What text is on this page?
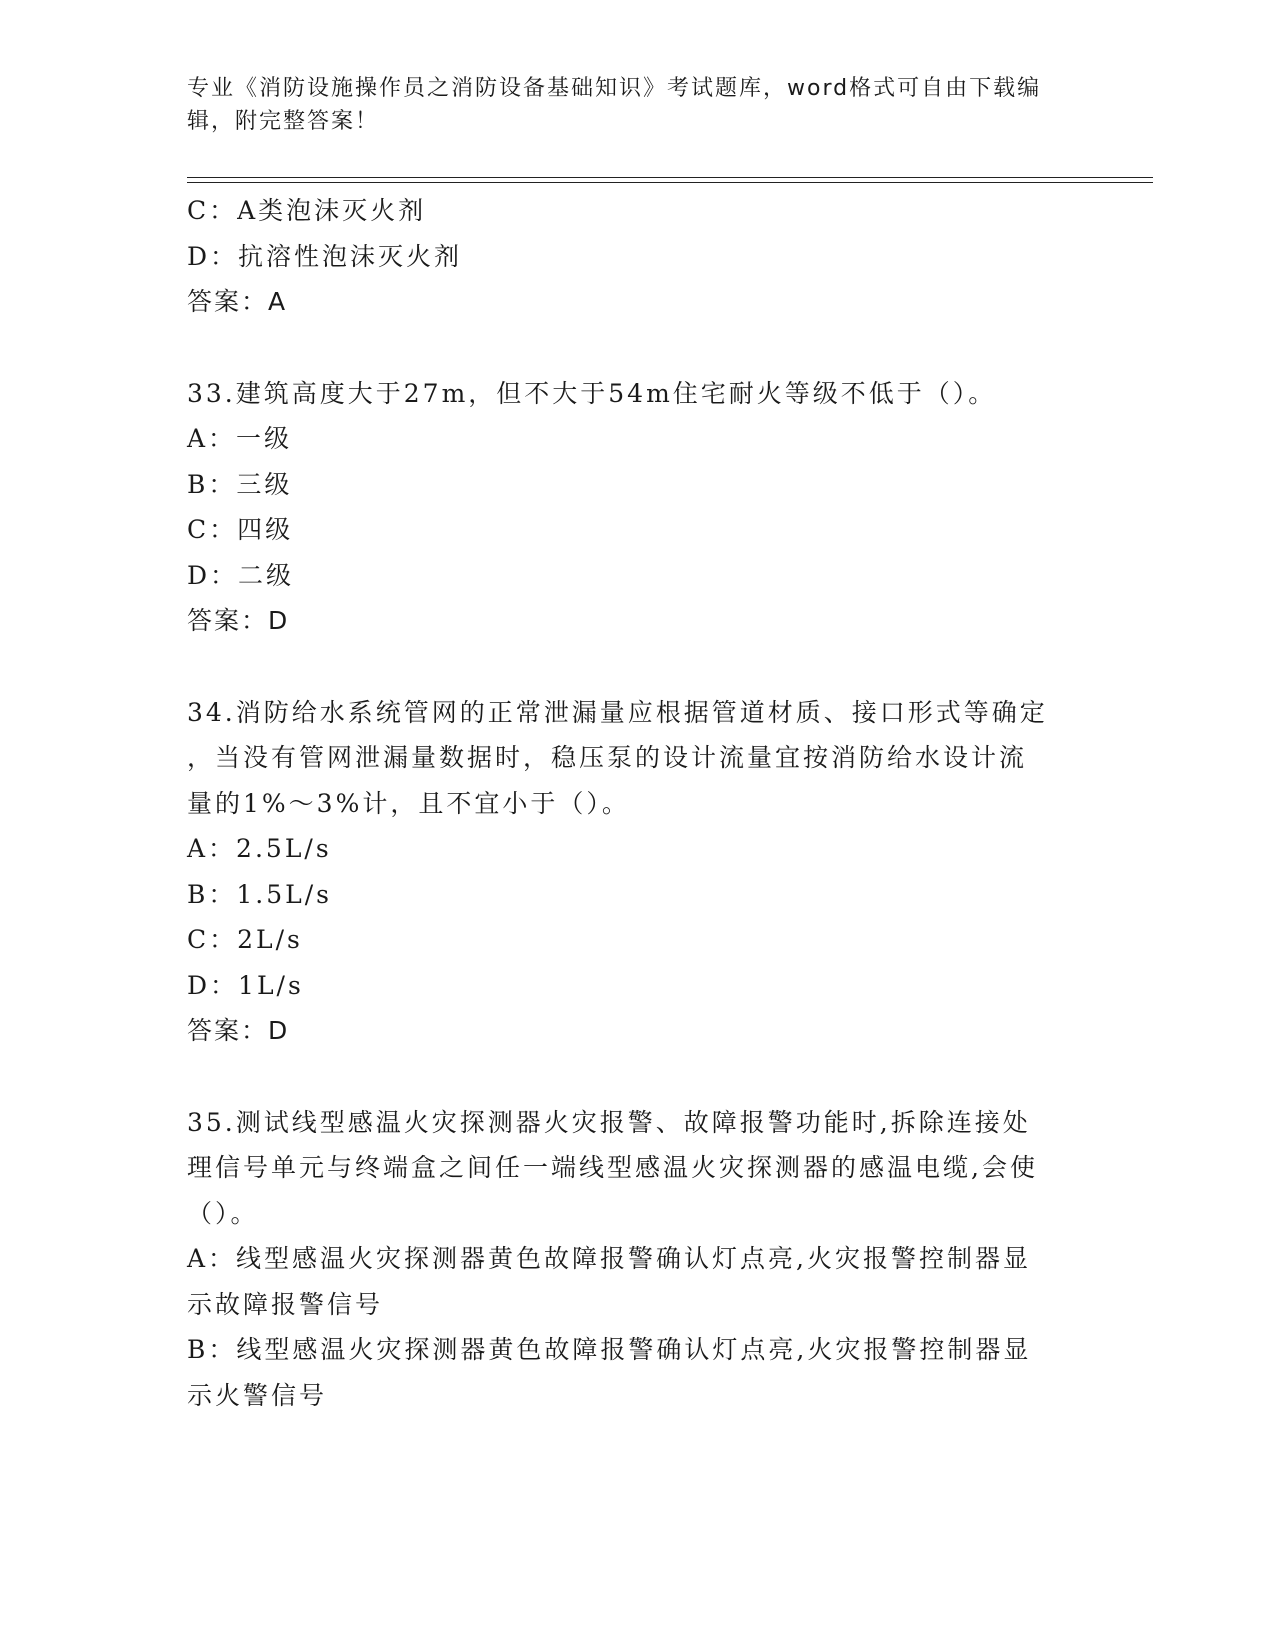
专业《消防设施操作员之消防设备基础知识》考试题库，word格式可自由下载编辑，附完整答案！
C：A类泡沫灭火剂
D：抗溶性泡沫灭火剂
答案：A
33.建筑高度大于27m，但不大于54m住宅耐火等级不低于（）。
A：一级
B：三级
C：四级
D：二级
答案：D
34.消防给水系统管网的正常泄漏量应根据管道材质、接口形式等确定
，当没有管网泄漏量数据时，稳压泵的设计流量宜按消防给水设计流
量的1%～3%计，且不宜小于（）。
A：2.5L/s
B：1.5L/s
C：2L/s
D：1L/s
答案：D
35.测试线型感温火灾探测器火灾报警、故障报警功能时,拆除连接处
理信号单元与终端盒之间任一端线型感温火灾探测器的感温电缆,会使
（）。
A：线型感温火灾探测器黄色故障报警确认灯点亮,火灾报警控制器显
示故障报警信号
B：线型感温火灾探测器黄色故障报警确认灯点亮,火灾报警控制器显
示火警信号
